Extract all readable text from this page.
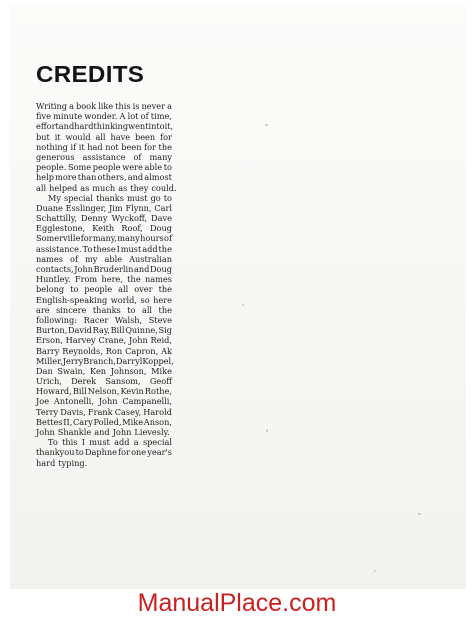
CREDITS
Writing a book like this is never a
five minute wonder. A lot of time,
effort and hard thinking went into it,
but it would all have been for
nothing if it had not been for the
generous assistance of many
people. Some people were able to
help more than others, and almost
all helped as much as they could.
My special thanks must go to
Duane Esslinger, Jim Flynn, Carl
Schattilly, Denny Wyckoff, Dave
Egglestone, Keith Roof, Doug
Somerville for many, many hours of
assistance. To these I must add the
names of my able Australian
contacts, John Bruderlin and Doug
Huntley. From here, the names
belong to people all over the
English-speaking world, so here
are sincere thanks to all the
following: Racer Walsh, Steve
Burton, David Ray, Bill Quinne, Sig
Erson, Harvey Crane, John Reid,
Barry Reynolds, Ron Capron, Ak
Miller, Jerry Branch, Darryl Koppel,
Dan Swain, Ken Johnson, Mike
Urich, Derek Sansom, Geoff
Howard, Bill Nelson, Kevin Rothe,
Joe Antonelli, John Campanelli,
Terry Davis, Frank Casey, Harold
Bettes II, Cary Polled, Mike Anson,
John Shankle and John Lievesly.
To this I must add a special
thankyou to Daphne for one year's
hard typing.
ManualPlace.com
